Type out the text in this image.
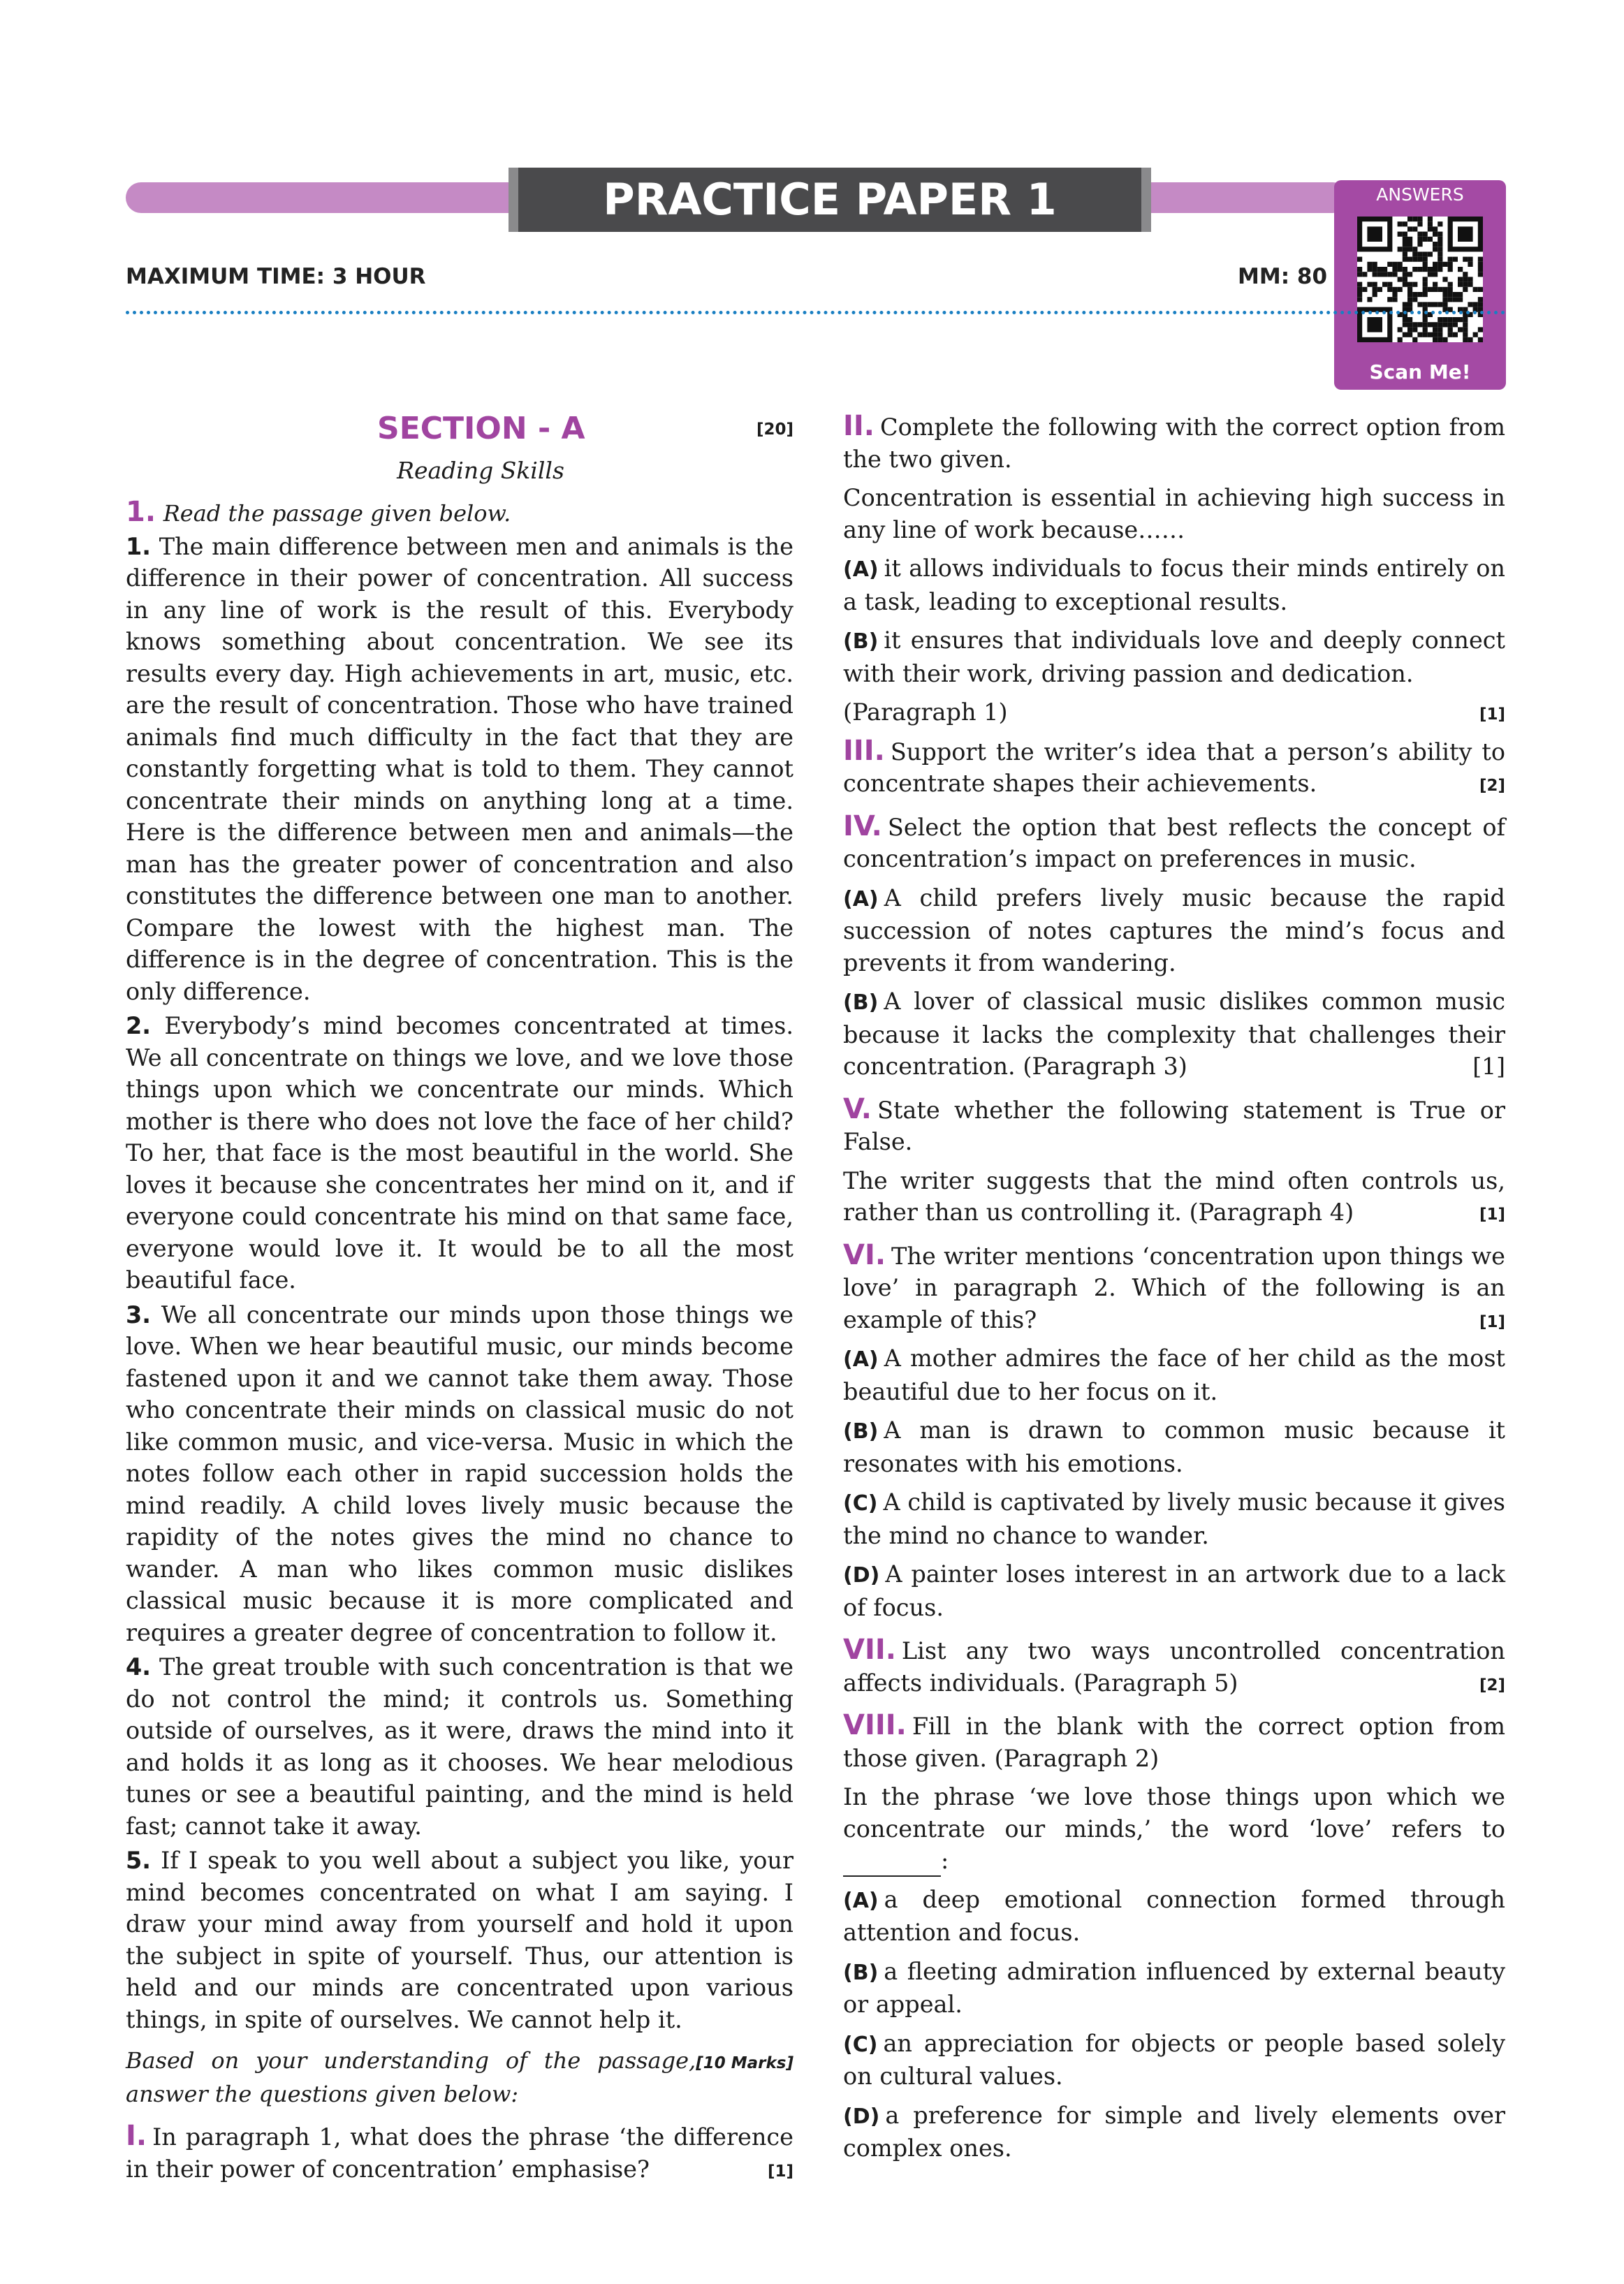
PRACTICE PAPER 1	ANSWERS
Scan Me!
MAXIMUM TIME: 3 HOUR	MM: 80
SECTION - A	[20]
Reading Skills

1. Read the passage given below.

1. The main difference between men and animals is the difference in their power of concentration. All success in any line of work is the result of this. Everybody knows something about concentration. We see its results every day. High achievements in art, music, etc. are the result of concentration. Those who have trained animals find much difficulty in the fact that they are constantly forgetting what is told to them. They cannot concentrate their minds on anything long at a time. Here is the difference between men and animals—the man has the greater power of concentration and also constitutes the difference between one man to another. Compare the lowest with the highest man. The difference is in the degree of concentration. This is the only difference.

2. Everybody’s mind becomes concentrated at times. We all concentrate on things we love, and we love those things upon which we concentrate our minds. Which mother is there who does not love the face of her child? To her, that face is the most beautiful in the world. She loves it because she concentrates her mind on it, and if everyone could concentrate his mind on that same face, everyone would love it. It would be to all the most beautiful face.

3. We all concentrate our minds upon those things we love. When we hear beautiful music, our minds become fastened upon it and we cannot take them away. Those who concentrate their minds on classical music do not like common music, and vice-versa. Music in which the notes follow each other in rapid succession holds the mind readily. A child loves lively music because the rapidity of the notes gives the mind no chance to wander. A man who likes common music dislikes classical music because it is more complicated and requires a greater degree of concentration to follow it.

4. The great trouble with such concentration is that we do not control the mind; it controls us. Something outside of ourselves, as it were, draws the mind into it and holds it as long as it chooses. We hear melodious tunes or see a beautiful painting, and the mind is held fast; cannot take it away.

5. If I speak to you well about a subject you like, your mind becomes concentrated on what I am saying. I draw your mind away from yourself and hold it upon the subject in spite of yourself. Thus, our attention is held and our minds are concentrated upon various things, in spite of ourselves. We cannot help it.

[10 Marks]
Based on your understanding of the passage, answer the questions given below:

I. In paragraph 1, what does the phrase ‘the difference in their power of concentration’ emphasise?	[1]

II. Complete the following with the correct option from the two given.

Concentration is essential in achieving high success in any line of work because……

(A) it allows individuals to focus their minds entirely on a task, leading to exceptional results.

(B) it ensures that individuals love and deeply connect with their work, driving passion and dedication.

(Paragraph 1)	[1]

III. Support the writer’s idea that a person’s ability to concentrate shapes their achievements.	[2]

IV. Select the option that best reflects the concept of concentration’s impact on preferences in music.

(A) A child prefers lively music because the rapid succession of notes captures the mind’s focus and prevents it from wandering.

(B) A lover of classical music dislikes common music because it lacks the complexity that challenges their concentration. (Paragraph 3)	[1]

V. State whether the following statement is True or False.

The writer suggests that the mind often controls us, rather than us controlling it. (Paragraph 4)	[1]

VI. The writer mentions ‘concentration upon things we love’ in paragraph 2. Which of the following is an example of this?	[1]

(A) A mother admires the face of her child as the most beautiful due to her focus on it.

(B) A man is drawn to common music because it resonates with his emotions.

(C) A child is captivated by lively music because it gives the mind no chance to wander.

(D) A painter loses interest in an artwork due to a lack of focus.

VII. List any two ways uncontrolled concentration affects individuals. (Paragraph 5)	[2]

VIII. Fill in the blank with the correct option from those given. (Paragraph 2)

In the phrase ‘we love those things upon which we concentrate our minds,’ the word ‘love’ refers to :

(A) a deep emotional connection formed through attention and focus.

(B) a fleeting admiration influenced by external beauty or appeal.

(C) an appreciation for objects or people based solely on cultural values.

(D) a preference for simple and lively elements over complex ones.
